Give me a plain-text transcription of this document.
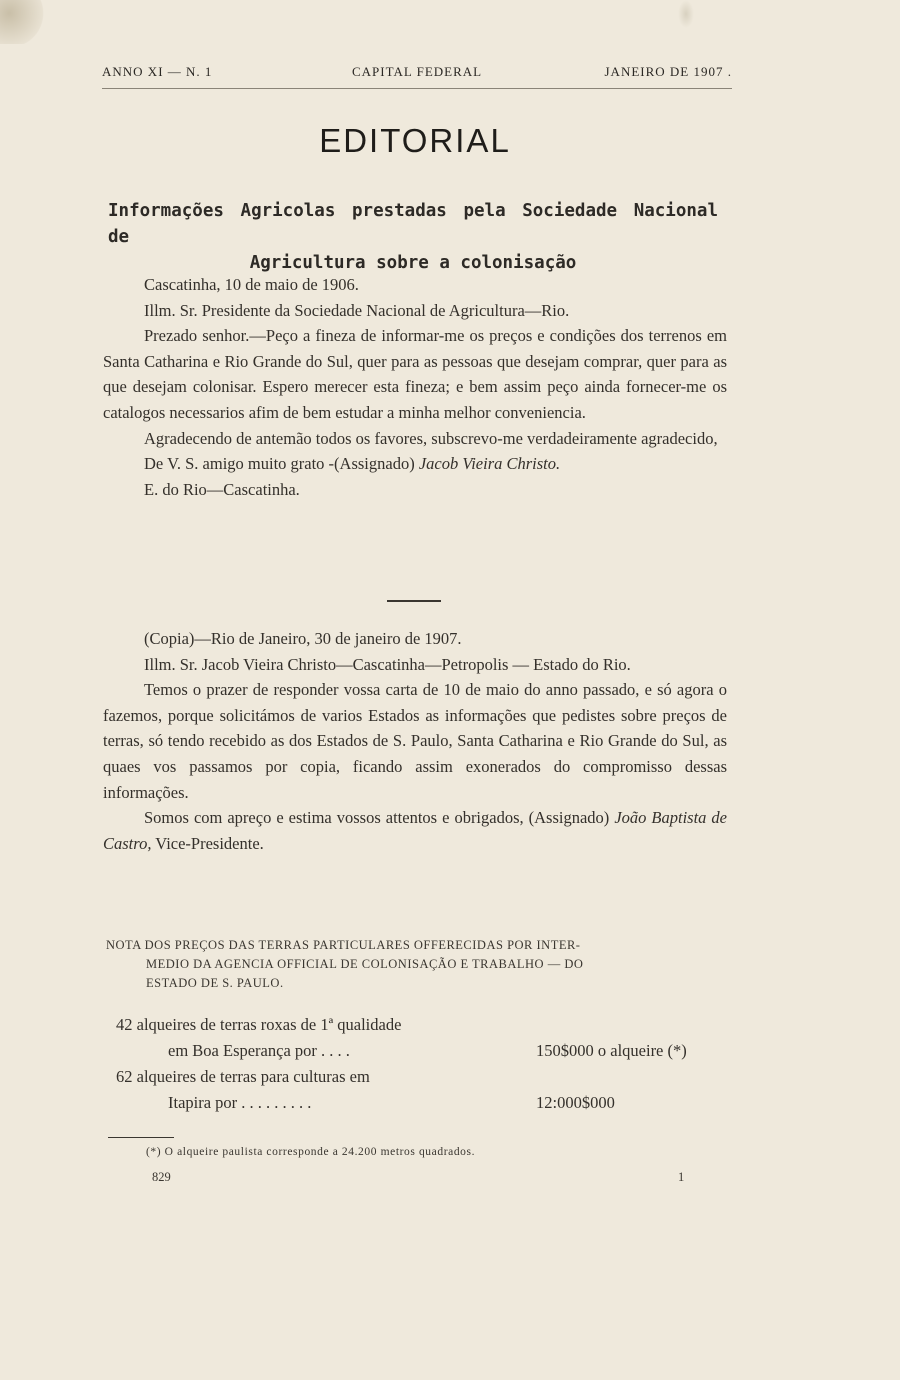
ANNO XI — N. 1	CAPITAL FEDERAL	JANEIRO DE 1907 .
EDITORIAL
Informações Agricolas prestadas pela Sociedade Nacional de
Agricultura sobre a colonisação

Cascatinha, 10 de maio de 1906.

Illm. Sr. Presidente da Sociedade Nacional de Agricultura—Rio.

Prezado senhor.—Peço a fineza de informar-me os preços e condições dos terrenos em Santa Catharina e Rio Grande do Sul, quer para as pessoas que desejam comprar, quer para as que desejam colonisar. Espero merecer esta fineza; e bem assim peço ainda fornecer-me os catalogos necessarios afim de bem estudar a minha melhor conveniencia.

Agradecendo de antemão todos os favores, subscrevo-me verdadeiramente agradecido,

De V. S. amigo muito grato -(Assignado) Jacob Vieira Christo.

E. do Rio—Cascatinha.

(Copia)—Rio de Janeiro, 30 de janeiro de 1907.

Illm. Sr. Jacob Vieira Christo—Cascatinha—Petropolis — Estado do Rio.

Temos o prazer de responder vossa carta de 10 de maio do anno passado, e só agora o fazemos, porque solicitámos de varios Estados as informações que pedistes sobre preços de terras, só tendo recebido as dos Estados de S. Paulo, Santa Catharina e Rio Grande do Sul, as quaes vos passamos por copia, ficando assim exonerados do compromisso dessas informações.

Somos com apreço e estima vossos attentos e obrigados, (Assignado) João Baptista de Castro, Vice-Presidente.

NOTA DOS PREÇOS DAS TERRAS PARTICULARES OFFERECIDAS POR INTER-
MEDIO DA AGENCIA OFFICIAL DE COLONISAÇÃO E TRABALHO — DO
ESTADO DE S. PAULO.
42 alqueires de terras roxas de 1ª qualidade
em Boa Esperança por . . . .	150$000 o alqueire (*)
62 alqueires de terras para culturas em
Itapira por . . . . . . . . .	12:000$000
(*) O alqueire paulista corresponde a 24.200 metros quadrados.
829	1
